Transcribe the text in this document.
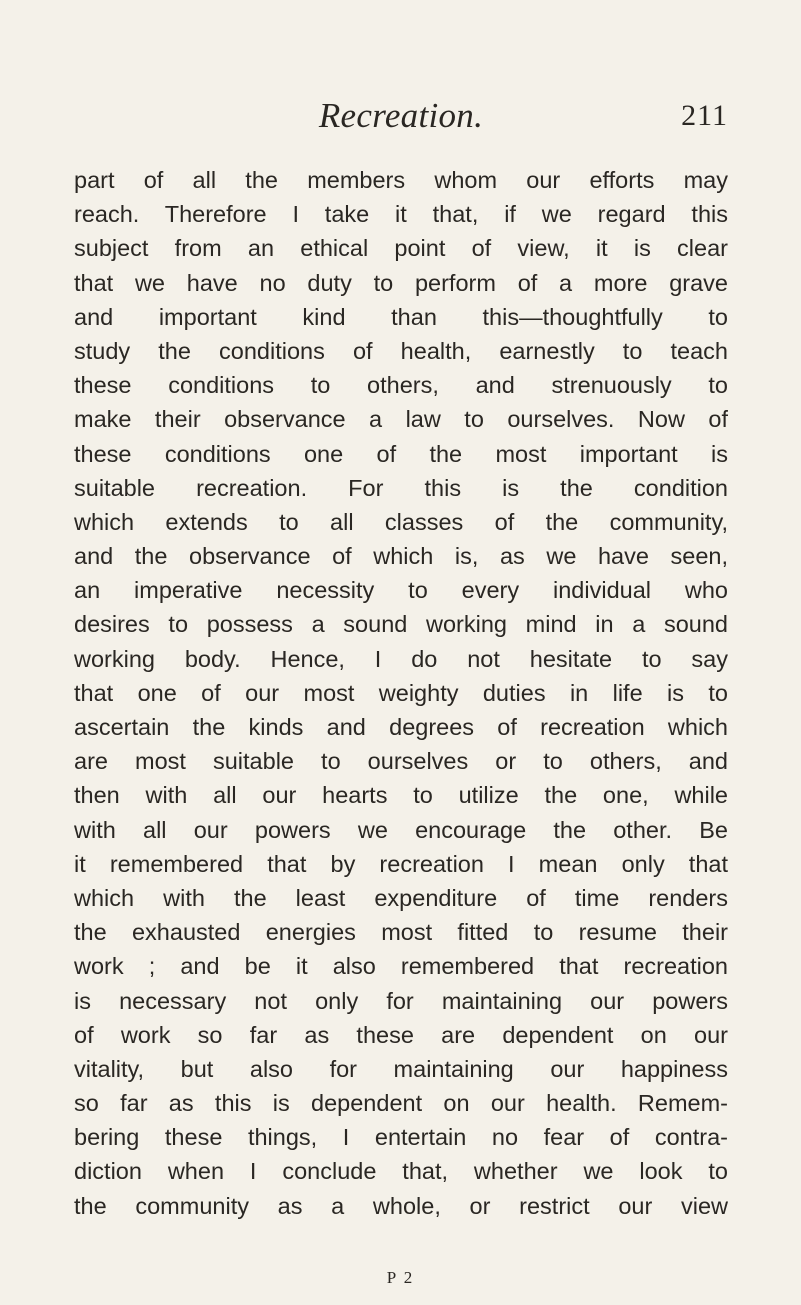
Recreation.	211
part of all the members whom our efforts may
reach. Therefore I take it that, if we regard this
subject from an ethical point of view, it is clear
that we have no duty to perform of a more grave
and important kind than this—thoughtfully to
study the conditions of health, earnestly to teach
these conditions to others, and strenuously to
make their observance a law to ourselves. Now of
these conditions one of the most important is
suitable recreation. For this is the condition
which extends to all classes of the community,
and the observance of which is, as we have seen,
an imperative necessity to every individual who
desires to possess a sound working mind in a sound
working body. Hence, I do not hesitate to say
that one of our most weighty duties in life is to
ascertain the kinds and degrees of recreation which
are most suitable to ourselves or to others, and
then with all our hearts to utilize the one, while
with all our powers we encourage the other. Be
it remembered that by recreation I mean only that
which with the least expenditure of time renders
the exhausted energies most fitted to resume their
work ; and be it also remembered that recreation
is necessary not only for maintaining our powers
of work so far as these are dependent on our
vitality, but also for maintaining our happiness
so far as this is dependent on our health. Remem-
bering these things, I entertain no fear of contra-
diction when I conclude that, whether we look to
the community as a whole, or restrict our view
P 2
